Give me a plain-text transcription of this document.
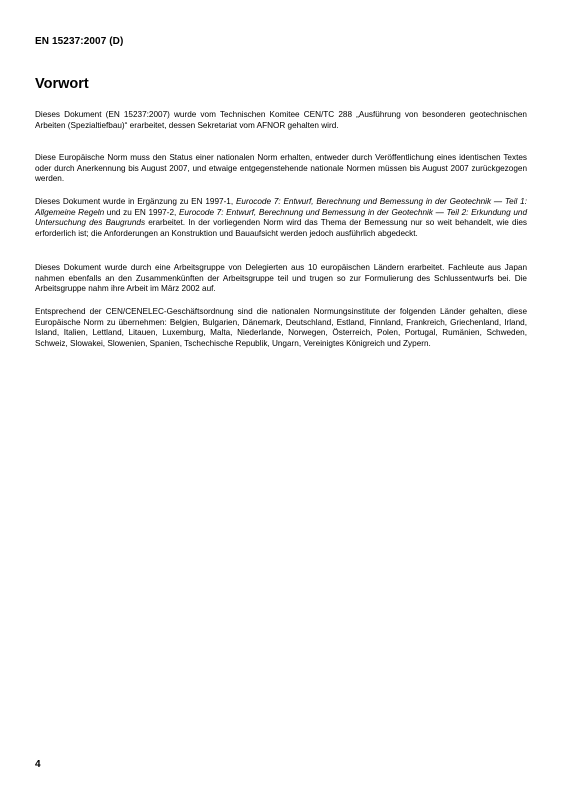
EN 15237:2007 (D)
Vorwort
Dieses Dokument (EN 15237:2007) wurde vom Technischen Komitee CEN/TC 288 „Ausführung von besonderen geotechnischen Arbeiten (Spezialtiefbau)“ erarbeitet, dessen Sekretariat vom AFNOR gehalten wird.
Diese Europäische Norm muss den Status einer nationalen Norm erhalten, entweder durch Veröffentlichung eines identischen Textes oder durch Anerkennung bis August 2007, und etwaige entgegenstehende nationale Normen müssen bis August 2007 zurückgezogen werden.
Dieses Dokument wurde in Ergänzung zu EN 1997-1, Eurocode 7: Entwurf, Berechnung und Bemessung in der Geotechnik — Teil 1: Allgemeine Regeln und zu EN 1997-2, Eurocode 7: Entwurf, Berechnung und Bemessung in der Geotechnik — Teil 2: Erkundung und Untersuchung des Baugrunds erarbeitet. In der vorliegenden Norm wird das Thema der Bemessung nur so weit behandelt, wie dies erforderlich ist; die Anforderungen an Konstruktion und Bauaufsicht werden jedoch ausführlich abgedeckt.
Dieses Dokument wurde durch eine Arbeitsgruppe von Delegierten aus 10 europäischen Ländern erarbeitet. Fachleute aus Japan nahmen ebenfalls an den Zusammenkünften der Arbeitsgruppe teil und trugen so zur Formulierung des Schlussentwurfs bei. Die Arbeitsgruppe nahm ihre Arbeit im März 2002 auf.
Entsprechend der CEN/CENELEC-Geschäftsordnung sind die nationalen Normungsinstitute der folgenden Länder gehalten, diese Europäische Norm zu übernehmen: Belgien, Bulgarien, Dänemark, Deutschland, Estland, Finnland, Frankreich, Griechenland, Irland, Island, Italien, Lettland, Litauen, Luxemburg, Malta, Niederlande, Norwegen, Österreich, Polen, Portugal, Rumänien, Schweden, Schweiz, Slowakei, Slowenien, Spanien, Tschechische Republik, Ungarn, Vereinigtes Königreich und Zypern.
4
